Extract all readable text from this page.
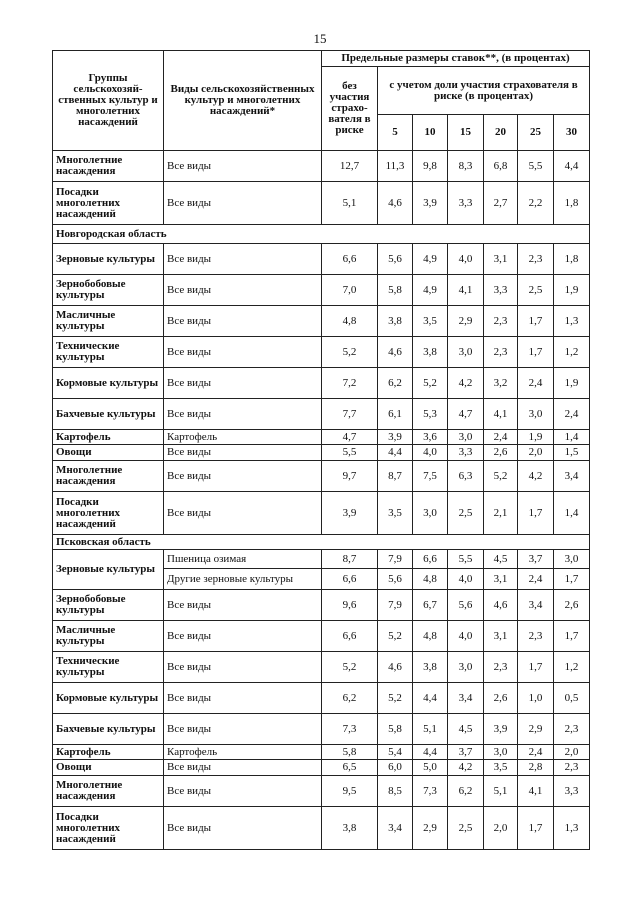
15
Группы сельскохозяй-ственных культур и многолетних насаждений	Виды сельскохозяйственных культур и многолетних насаждений*	Предельные размеры ставок**, (в процентах)						
		без участия страхо-вателя в риске	с учетом доли участия страхователя в риске (в процентах)					
			5	10	15	20	25	30
Многолетние насаждения	Все виды	12,7	11,3	9,8	8,3	6,8	5,5	4,4
Посадки многолетних насаждений	Все виды	5,1	4,6	3,9	3,3	2,7	2,2	1,8
Новгородская область								
Зерновые культуры	Все виды	6,6	5,6	4,9	4,0	3,1	2,3	1,8
Зернобобовые культуры	Все виды	7,0	5,8	4,9	4,1	3,3	2,5	1,9
Масличные культуры	Все виды	4,8	3,8	3,5	2,9	2,3	1,7	1,3
Технические культуры	Все виды	5,2	4,6	3,8	3,0	2,3	1,7	1,2
Кормовые культуры	Все виды	7,2	6,2	5,2	4,2	3,2	2,4	1,9
Бахчевые культуры	Все виды	7,7	6,1	5,3	4,7	4,1	3,0	2,4
Картофель	Картофель	4,7	3,9	3,6	3,0	2,4	1,9	1,4
Овощи	Все виды	5,5	4,4	4,0	3,3	2,6	2,0	1,5
Многолетние насаждения	Все виды	9,7	8,7	7,5	6,3	5,2	4,2	3,4
Посадки многолетних насаждений	Все виды	3,9	3,5	3,0	2,5	2,1	1,7	1,4
Псковская область								
Зерновые культуры	Пшеница озимая	8,7	7,9	6,6	5,5	4,5	3,7	3,0
	Другие зерновые культуры	6,6	5,6	4,8	4,0	3,1	2,4	1,7
Зернобобовые культуры	Все виды	9,6	7,9	6,7	5,6	4,6	3,4	2,6
Масличные культуры	Все виды	6,6	5,2	4,8	4,0	3,1	2,3	1,7
Технические культуры	Все виды	5,2	4,6	3,8	3,0	2,3	1,7	1,2
Кормовые культуры	Все виды	6,2	5,2	4,4	3,4	2,6	1,0	0,5
Бахчевые культуры	Все виды	7,3	5,8	5,1	4,5	3,9	2,9	2,3
Картофель	Картофель	5,8	5,4	4,4	3,7	3,0	2,4	2,0
Овощи	Все виды	6,5	6,0	5,0	4,2	3,5	2,8	2,3
Многолетние насаждения	Все виды	9,5	8,5	7,3	6,2	5,1	4,1	3,3
Посадки многолетних насаждений	Все виды	3,8	3,4	2,9	2,5	2,0	1,7	1,3
